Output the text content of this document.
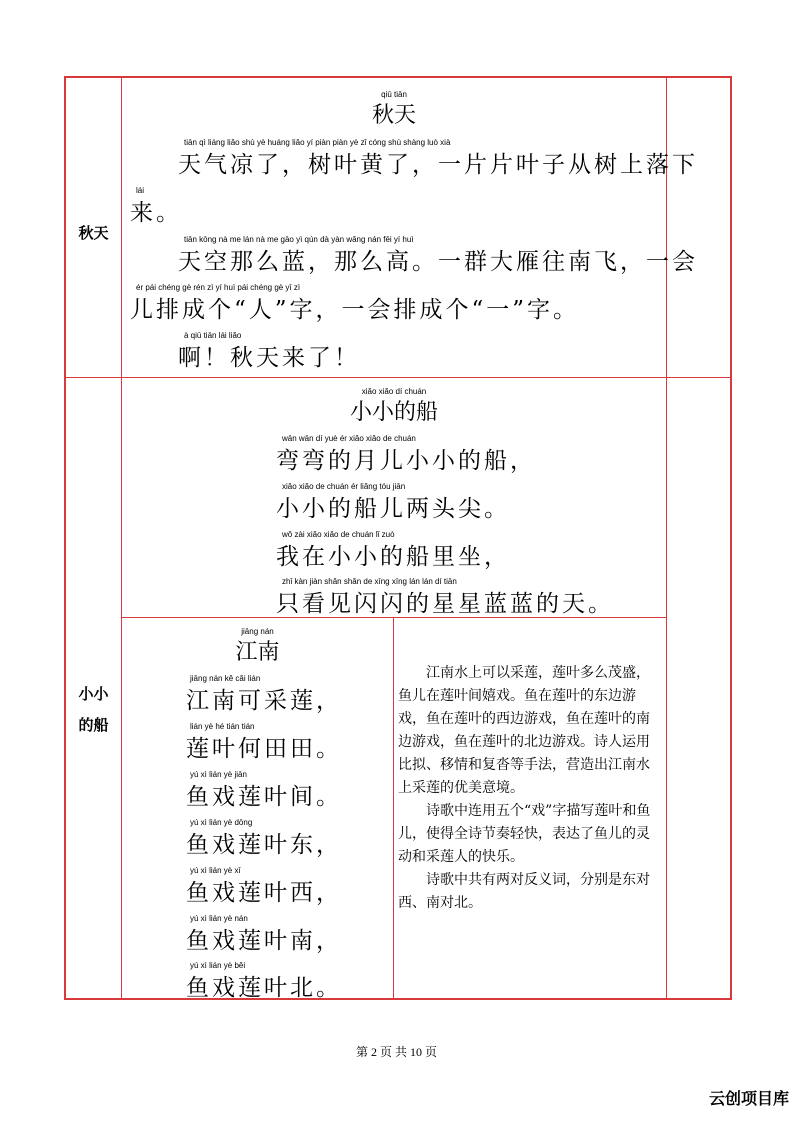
秋天
小小
的船
qiū tiān
秋天
tiān qì liáng liǎo shù yè huáng liǎo yí piàn piàn yè zǐ cóng shù shàng luò xià
天气凉了，树叶黄了，一片片叶子从树上落下
lái
来。
tiān kōng nà me lán nà me gāo yì qún dà yàn wǎng nán fēi yí huì
天空那么蓝，那么高。一群大雁往南飞，一会
ér pái chéng gè rén zì yí huì pái chéng gè yī zì
儿排成个“人”字，一会排成个“一”字。
à qiū tiān lái liǎo
啊！秋天来了！
xiǎo xiǎo dí chuán
小小的船
wān wān dí yuè ér xiǎo xiǎo de chuán
弯弯的月儿小小的船，
xiǎo xiǎo de chuán ér liǎng tóu jiān
小小的船儿两头尖。
wǒ zài xiǎo xiǎo de chuán lǐ zuò
我在小小的船里坐，
zhǐ kàn jiàn shǎn shǎn de xīng xīng lán lán dí tiān
只看见闪闪的星星蓝蓝的天。
jiāng nán
江南
jiāng nán kě cǎi lián
江南可采莲，
lián yè hé tián tián
莲叶何田田。
yú xì lián yè jiān
鱼戏莲叶间。
yú xì lián yè dōng
鱼戏莲叶东，
yú xì lián yè xī
鱼戏莲叶西，
yú xì lián yè nán
鱼戏莲叶南，
yú xì lián yè běi
鱼戏莲叶北。

江南水上可以采莲，莲叶多么茂盛，鱼儿在莲叶间嬉戏。鱼在莲叶的东边游戏，鱼在莲叶的西边游戏，鱼在莲叶的南边游戏，鱼在莲叶的北边游戏。诗人运用比拟、移情和复沓等手法，营造出江南水上采莲的优美意境。

诗歌中连用五个“戏”字描写莲叶和鱼儿，使得全诗节奏轻快，表达了鱼儿的灵动和采莲人的快乐。

诗歌中共有两对反义词，分别是东对西、南对北。

第 2 页 共 10 页
云创项目库
